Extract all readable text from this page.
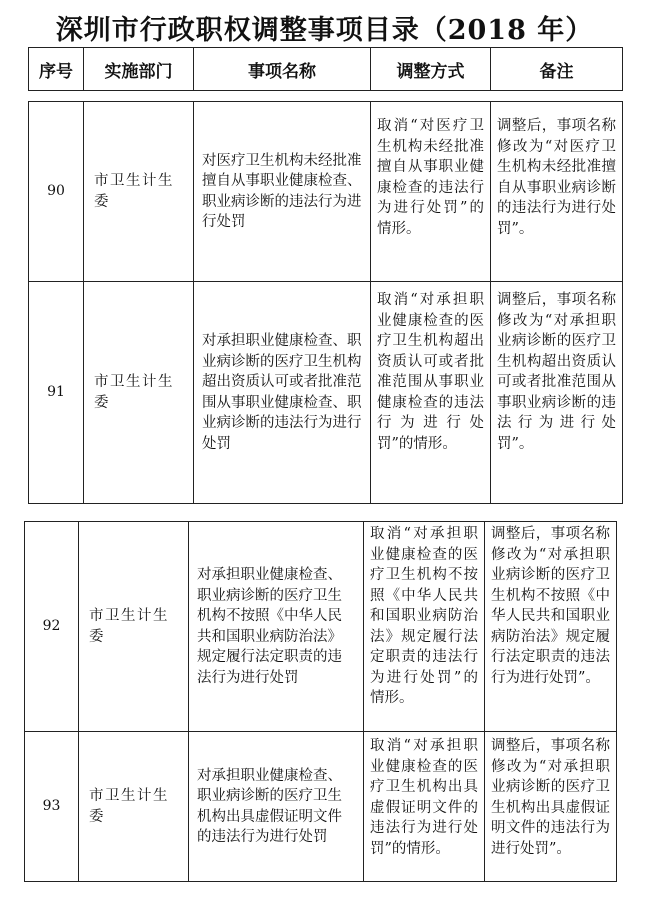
深圳市行政职权调整事项目录（2018 年）
序号	实施部门	事项名称	调整方式	备注
90	市卫生计生委	对医疗卫生机构未经批准擅自从事职业健康检查、职业病诊断的违法行为进行处罚	取消“对医疗卫生机构未经批准擅自从事职业健康检查的违法行为进行处罚”的情形。	调整后，事项名称修改为“对医疗卫生机构未经批准擅自从事职业病诊断的违法行为进行处罚”。
91	市卫生计生委	对承担职业健康检查、职业病诊断的医疗卫生机构超出资质认可或者批准范围从事职业健康检查、职业病诊断的违法行为进行处罚	取消“对承担职业健康检查的医疗卫生机构超出资质认可或者批准范围从事职业健康检查的违法行为进行处罚”的情形。	调整后，事项名称修改为“对承担职业病诊断的医疗卫生机构超出资质认可或者批准范围从事职业病诊断的违法行为进行处罚”。
92	市卫生计生委	对承担职业健康检查、职业病诊断的医疗卫生机构不按照《中华人民共和国职业病防治法》规定履行法定职责的违法行为进行处罚	取消“对承担职业健康检查的医疗卫生机构不按照《中华人民共和国职业病防治法》规定履行法定职责的违法行为进行处罚”的情形。	调整后，事项名称修改为“对承担职业病诊断的医疗卫生机构不按照《中华人民共和国职业病防治法》规定履行法定职责的违法行为进行处罚”。
93	市卫生计生委	对承担职业健康检查、职业病诊断的医疗卫生机构出具虚假证明文件的违法行为进行处罚	取消“对承担职业健康检查的医疗卫生机构出具虚假证明文件的违法行为进行处罚”的情形。	调整后，事项名称修改为“对承担职业病诊断的医疗卫生机构出具虚假证明文件的违法行为进行处罚”。
